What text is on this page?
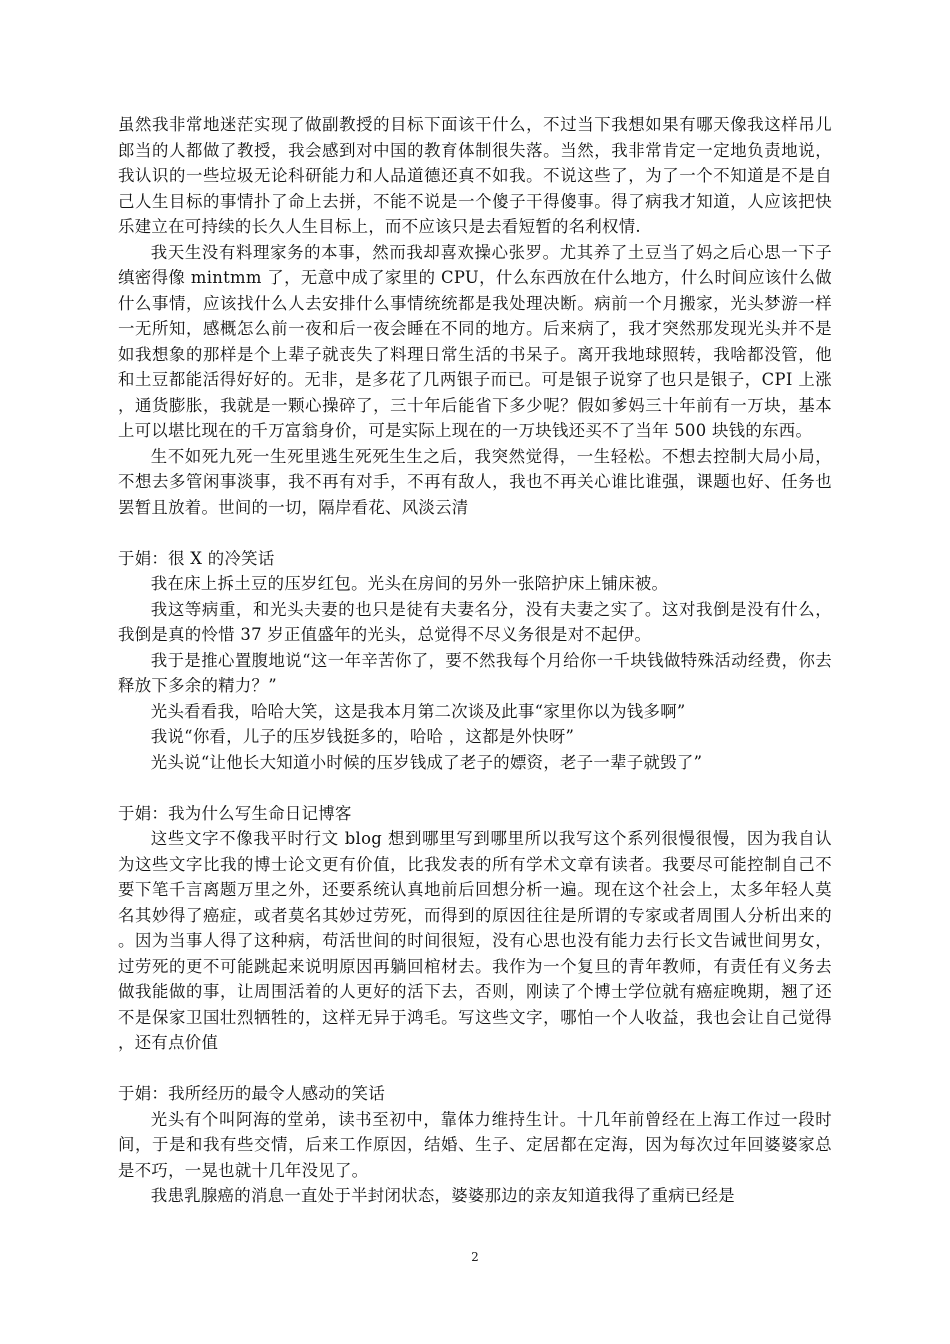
虽然我非常地迷茫实现了做副教授的目标下面该干什么，不过当下我想如果有哪天像我这样吊儿郎当的人都做了教授，我会感到对中国的教育体制很失落。当然，我非常肯定一定地负责地说，我认识的一些垃圾无论科研能力和人品道德还真不如我。不说这些了，为了一个不知道是不是自己人生目标的事情扑了命上去拼，不能不说是一个傻子干得傻事。得了病我才知道，人应该把快乐建立在可持续的长久人生目标上，而不应该只是去看短暂的名利权情.

我天生没有料理家务的本事，然而我却喜欢操心张罗。尤其养了土豆当了妈之后心思一下子缜密得像 mintmm 了，无意中成了家里的 CPU，什么东西放在什么地方，什么时间应该什么做什么事情，应该找什么人去安排什么事情统统都是我处理决断。病前一个月搬家，光头梦游一样一无所知，感概怎么前一夜和后一夜会睡在不同的地方。后来病了，我才突然那发现光头并不是如我想象的那样是个上辈子就丧失了料理日常生活的书呆子。离开我地球照转，我啥都没管，他和土豆都能活得好好的。无非，是多花了几两银子而已。可是银子说穿了也只是银子，CPI 上涨，通货膨胀，我就是一颗心操碎了，三十年后能省下多少呢？假如爹妈三十年前有一万块，基本上可以堪比现在的千万富翁身价，可是实际上现在的一万块钱还买不了当年 500 块钱的东西。

生不如死九死一生死里逃生死死生生之后，我突然觉得，一生轻松。不想去控制大局小局，不想去多管闲事淡事，我不再有对手，不再有敌人，我也不再关心谁比谁强，课题也好、任务也罢暂且放着。世间的一切，隔岸看花、风淡云清

于娟：很 X 的冷笑话

我在床上拆土豆的压岁红包。光头在房间的另外一张陪护床上铺床被。

我这等病重，和光头夫妻的也只是徒有夫妻名分，没有夫妻之实了。这对我倒是没有什么，我倒是真的怜惜 37 岁正值盛年的光头，总觉得不尽义务很是对不起伊。

我于是推心置腹地说“这一年辛苦你了，要不然我每个月给你一千块钱做特殊活动经费，你去释放下多余的精力？”

光头看看我，哈哈大笑，这是我本月第二次谈及此事“家里你以为钱多啊”

我说“你看，儿子的压岁钱挺多的，哈哈 ，这都是外快呀”

光头说“让他长大知道小时候的压岁钱成了老子的嫖资，老子一辈子就毁了”

于娟：我为什么写生命日记博客

这些文字不像我平时行文 blog 想到哪里写到哪里所以我写这个系列很慢很慢，因为我自认为这些文字比我的博士论文更有价值，比我发表的所有学术文章有读者。我要尽可能控制自己不要下笔千言离题万里之外，还要系统认真地前后回想分析一遍。现在这个社会上，太多年轻人莫名其妙得了癌症，或者莫名其妙过劳死，而得到的原因往往是所谓的专家或者周围人分析出来的。因为当事人得了这种病，苟活世间的时间很短，没有心思也没有能力去行长文告诫世间男女，过劳死的更不可能跳起来说明原因再躺回棺材去。我作为一个复旦的青年教师，有责任有义务去做我能做的事，让周围活着的人更好的活下去，否则，刚读了个博士学位就有癌症晚期，翘了还不是保家卫国壮烈牺牲的，这样无异于鸿毛。写这些文字，哪怕一个人收益，我也会让自己觉得，还有点价值

于娟：我所经历的最令人感动的笑话

光头有个叫阿海的堂弟，读书至初中，靠体力维持生计。十几年前曾经在上海工作过一段时间，于是和我有些交情，后来工作原因，结婚、生子、定居都在定海，因为每次过年回婆婆家总是不巧，一晃也就十几年没见了。

我患乳腺癌的消息一直处于半封闭状态，婆婆那边的亲友知道我得了重病已经是

2
